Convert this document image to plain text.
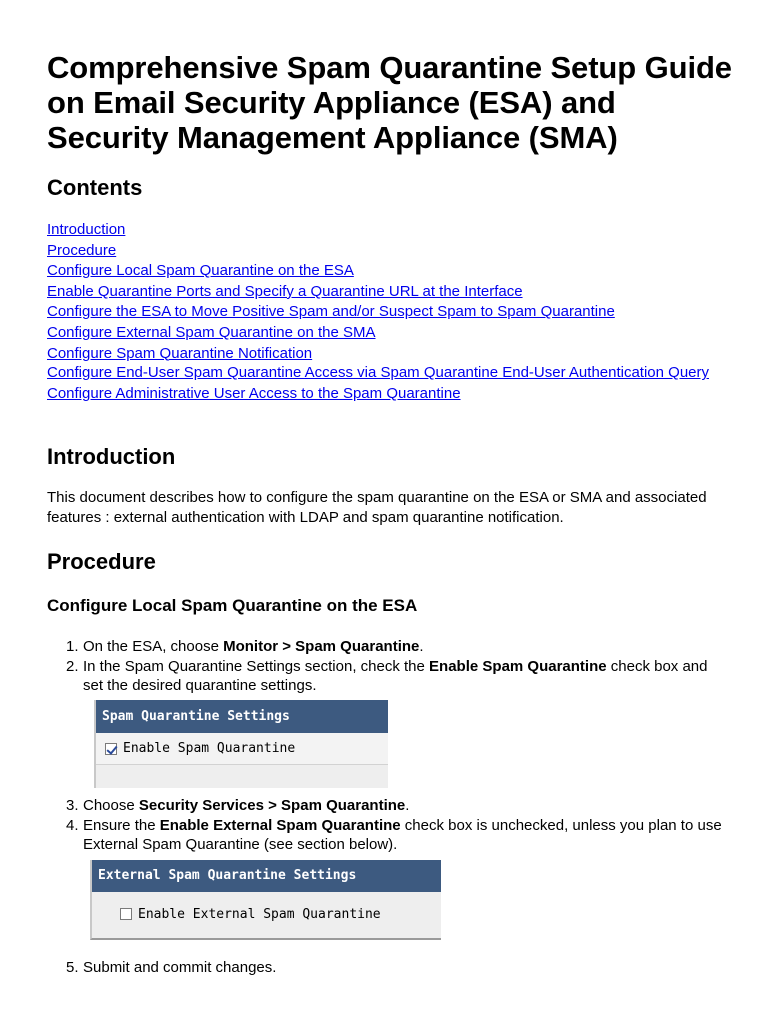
Comprehensive Spam Quarantine Setup Guide on Email Security Appliance (ESA) and Security Management Appliance (SMA)
Contents
Introduction
Procedure
Configure Local Spam Quarantine on the ESA
Enable Quarantine Ports and Specify a Quarantine URL at the Interface
Configure the ESA to Move Positive Spam and/or Suspect Spam to Spam Quarantine
Configure External Spam Quarantine on the SMA
Configure Spam Quarantine Notification
Configure End-User Spam Quarantine Access via Spam Quarantine End-User Authentication Query
Configure Administrative User Access to the Spam Quarantine
Introduction

This document describes how to configure the spam quarantine on the ESA or SMA and associated features : external authentication with LDAP and spam quarantine notification.

Procedure
Configure Local Spam Quarantine on the ESA
1. On the ESA, choose Monitor > Spam Quarantine.
2. In the Spam Quarantine Settings section, check the Enable Spam Quarantine check box and set the desired quarantine settings.
Spam Quarantine Settings
Enable Spam Quarantine
3. Choose Security Services > Spam Quarantine.
4. Ensure the Enable External Spam Quarantine check box is unchecked, unless you plan to use External Spam Quarantine (see section below).
External Spam Quarantine Settings
Enable External Spam Quarantine
5. Submit and commit changes.
